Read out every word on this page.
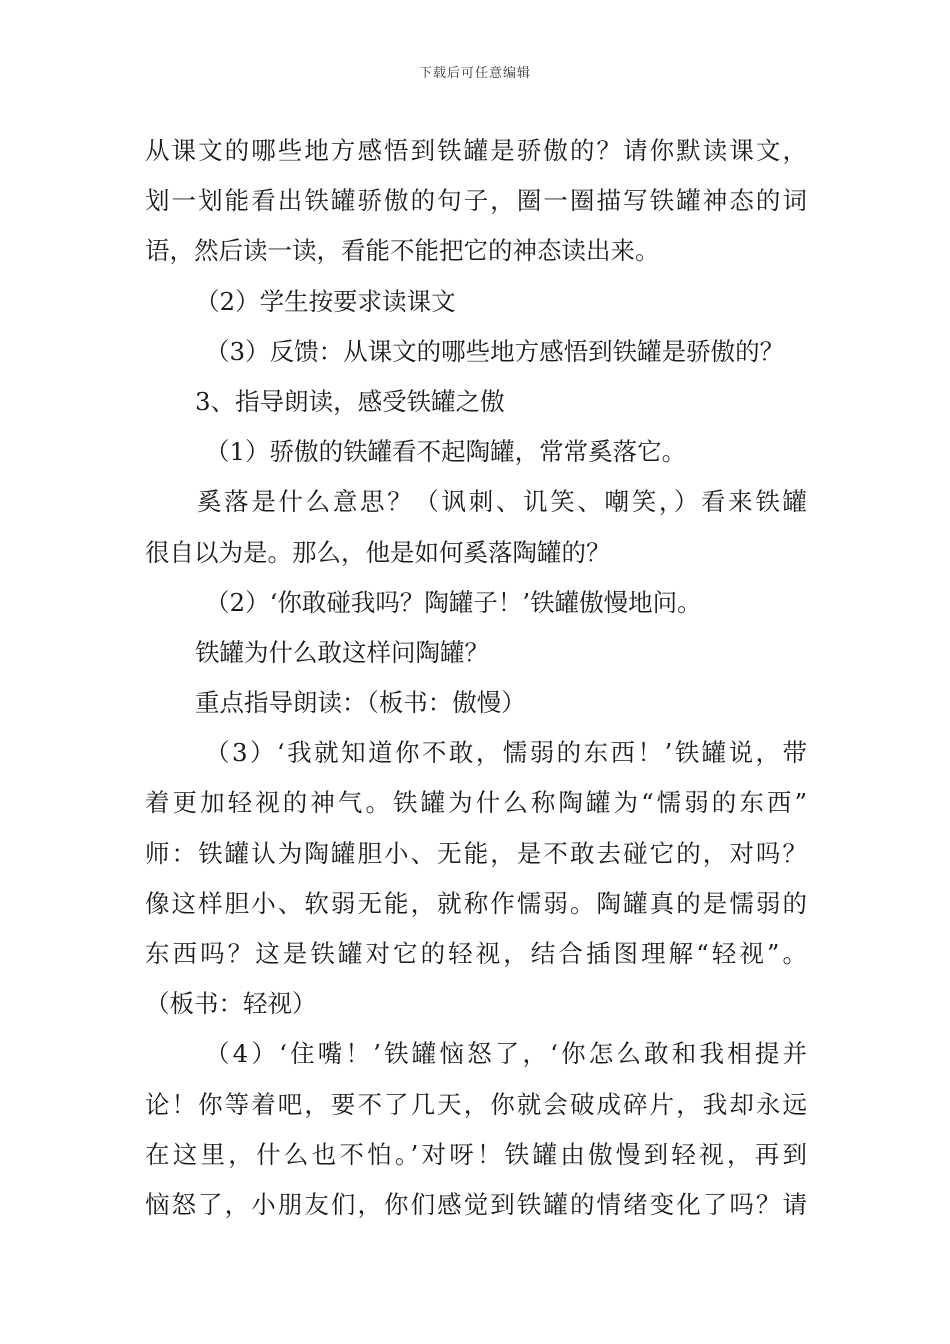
下载后可任意编辑
从课文的哪些地方感悟到铁罐是骄傲的？请你默读课文，
划一划能看出铁罐骄傲的句子，圈一圈描写铁罐神态的词
语，然后读一读，看能不能把它的神态读出来。
（2）学生按要求读课文
（3）反馈：从课文的哪些地方感悟到铁罐是骄傲的？
3、指导朗读，感受铁罐之傲
（1）骄傲的铁罐看不起陶罐，常常奚落它。
奚落是什么意思？（讽刺、讥笑、嘲笑，）看来铁罐
很自以为是。那么，他是如何奚落陶罐的？
（2）‘你敢碰我吗？陶罐子！’铁罐傲慢地问。
铁罐为什么敢这样问陶罐？
重点指导朗读：（板书：傲慢）
（3）‘我就知道你不敢，懦弱的东西！’铁罐说，带
着更加轻视的神气。铁罐为什么称陶罐为“懦弱的东西”
师：铁罐认为陶罐胆小、无能，是不敢去碰它的，对吗？
像这样胆小、软弱无能，就称作懦弱。陶罐真的是懦弱的
东西吗？这是铁罐对它的轻视，结合插图理解“轻视”。
（板书：轻视）
（4）‘住嘴！’铁罐恼怒了，‘你怎么敢和我相提并
论！你等着吧，要不了几天，你就会破成碎片，我却永远
在这里，什么也不怕。’对呀！铁罐由傲慢到轻视，再到
恼怒了，小朋友们，你们感觉到铁罐的情绪变化了吗？请
